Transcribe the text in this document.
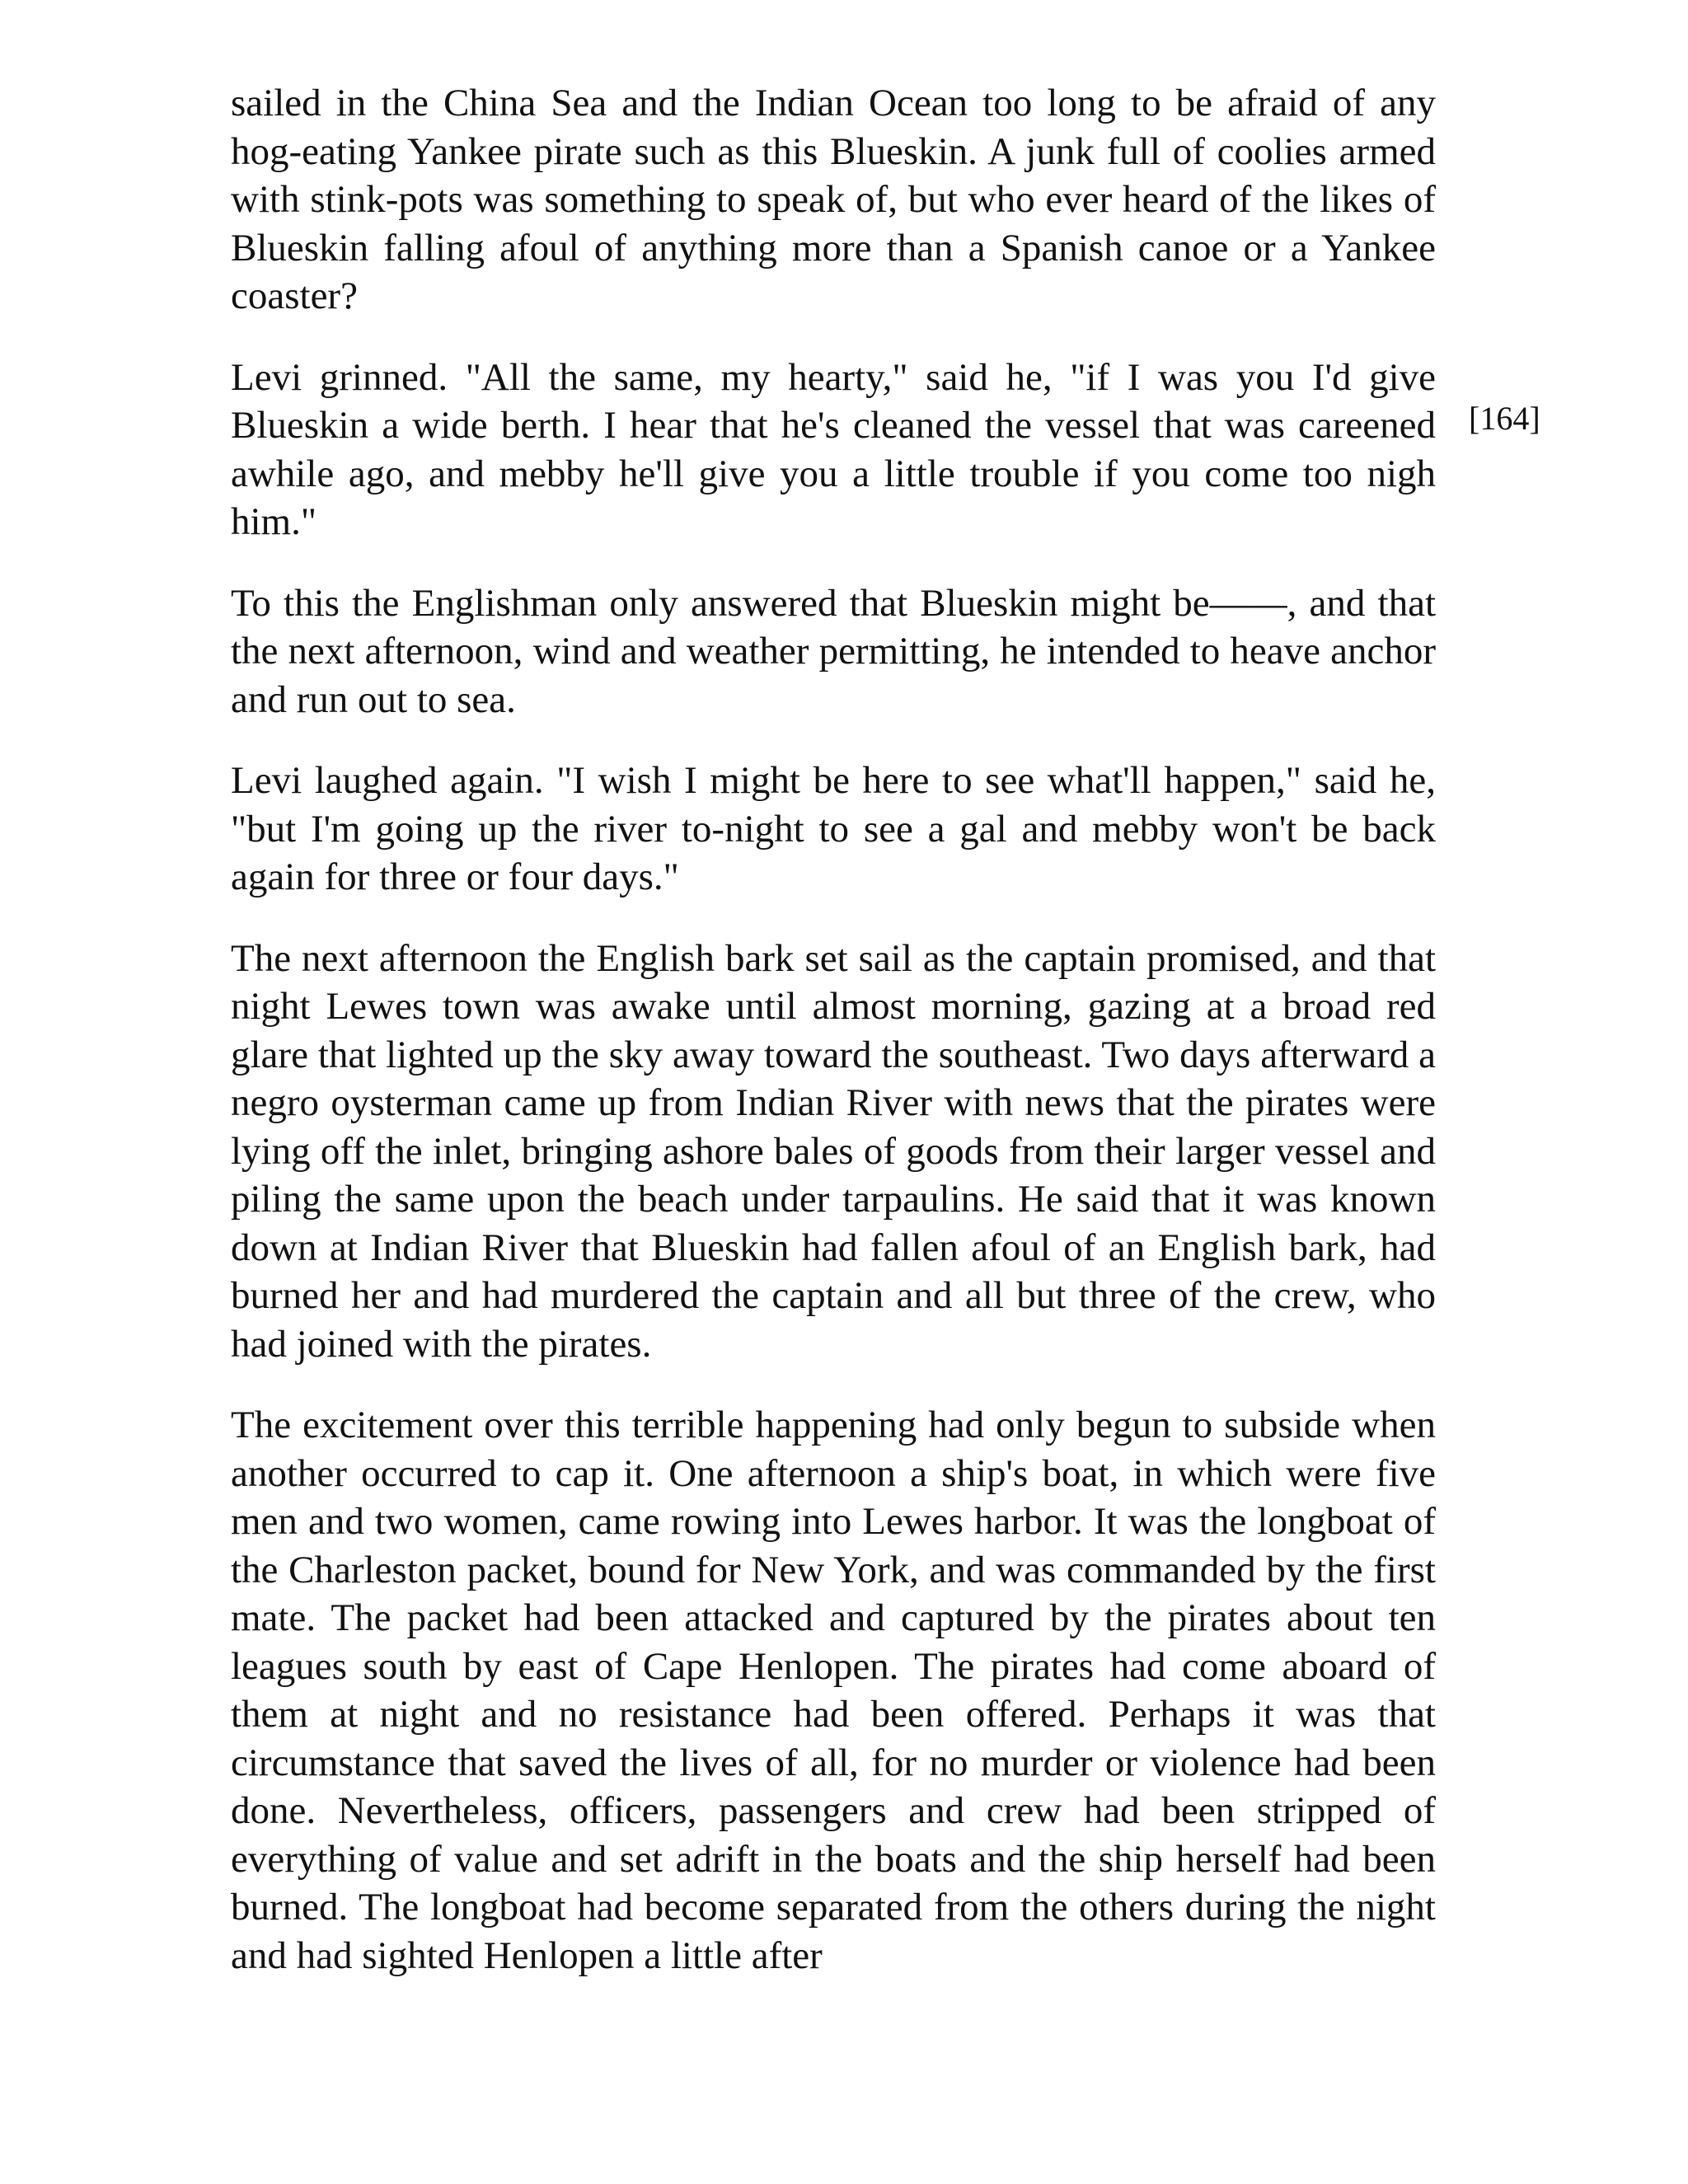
sailed in the China Sea and the Indian Ocean too long to be afraid of any hog-eating Yankee pirate such as this Blueskin. A junk full of coolies armed with stink-pots was something to speak of, but who ever heard of the likes of Blueskin falling afoul of anything more than a Spanish canoe or a Yankee coaster?

Levi grinned. "All the same, my hearty," said he, "if I was you I'd give Blueskin a wide berth. I hear that he's cleaned the vessel that was careened awhile ago, and mebby he'll give you a little trouble if you come too nigh him."

To this the Englishman only answered that Blueskin might be——, and that the next afternoon, wind and weather permitting, he intended to heave anchor and run out to sea.

Levi laughed again. "I wish I might be here to see what'll happen," said he, "but I'm going up the river to-night to see a gal and mebby won't be back again for three or four days."

The next afternoon the English bark set sail as the captain promised, and that night Lewes town was awake until almost morning, gazing at a broad red glare that lighted up the sky away toward the southeast. Two days afterward a negro oysterman came up from Indian River with news that the pirates were lying off the inlet, bringing ashore bales of goods from their larger vessel and piling the same upon the beach under tarpaulins. He said that it was known down at Indian River that Blueskin had fallen afoul of an English bark, had burned her and had murdered the captain and all but three of the crew, who had joined with the pirates.

The excitement over this terrible happening had only begun to subside when another occurred to cap it. One afternoon a ship's boat, in which were five men and two women, came rowing into Lewes harbor. It was the longboat of the Charleston packet, bound for New York, and was commanded by the first mate. The packet had been attacked and captured by the pirates about ten leagues south by east of Cape Henlopen. The pirates had come aboard of them at night and no resistance had been offered. Perhaps it was that circumstance that saved the lives of all, for no murder or violence had been done. Nevertheless, officers, passengers and crew had been stripped of everything of value and set adrift in the boats and the ship herself had been burned. The longboat had become separated from the others during the night and had sighted Henlopen a little after

[164]
